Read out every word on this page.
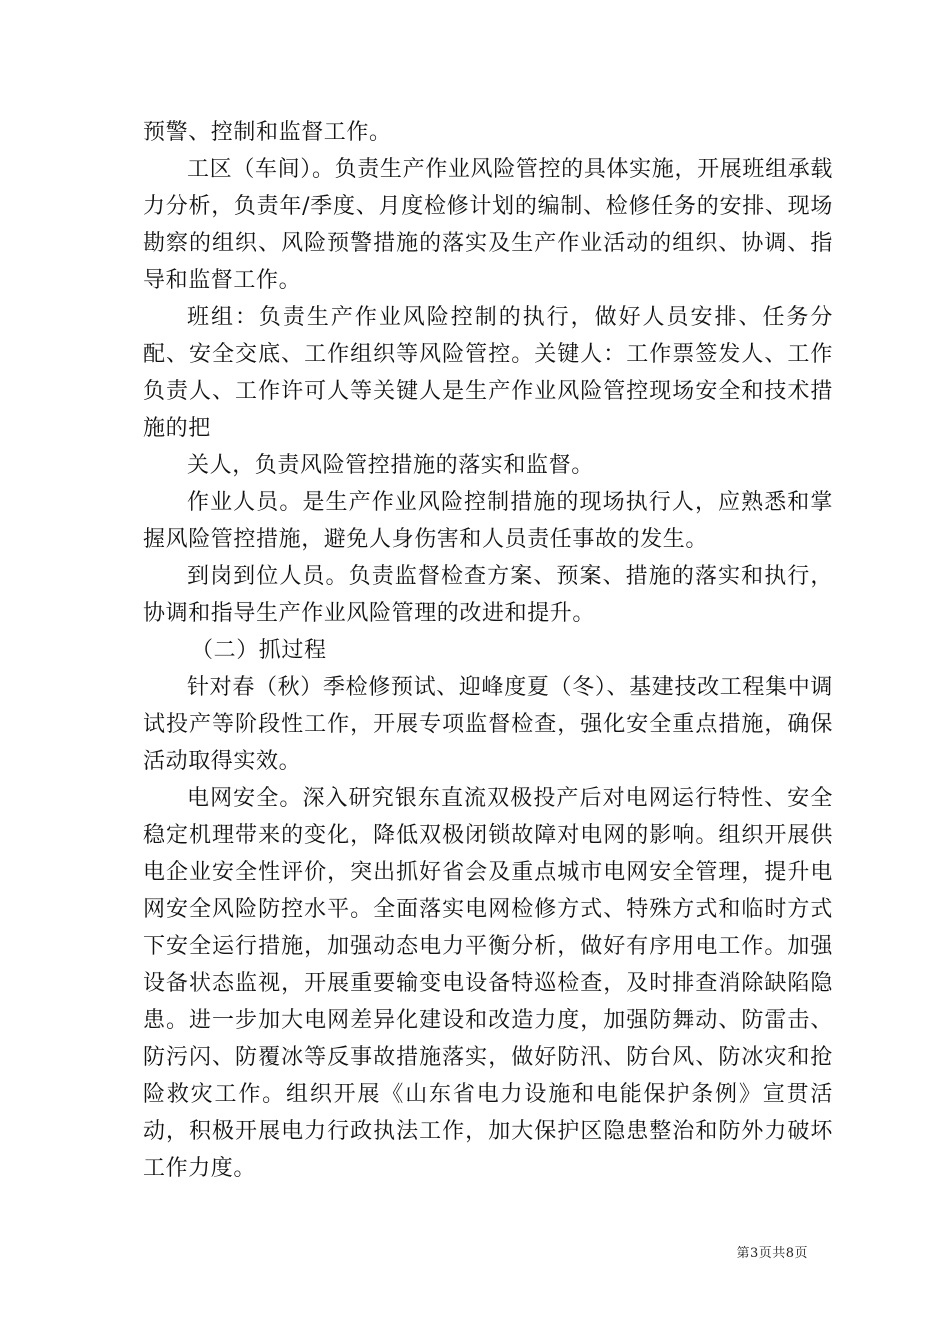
预警、控制和监督工作。

工区（车间）。负责生产作业风险管控的具体实施，开展班组承载力分析，负责年/季度、月度检修计划的编制、检修任务的安排、现场勘察的组织、风险预警措施的落实及生产作业活动的组织、协调、指导和监督工作。

班组：负责生产作业风险控制的执行，做好人员安排、任务分配、安全交底、工作组织等风险管控。关键人：工作票签发人、工作负责人、工作许可人等关键人是生产作业风险管控现场安全和技术措施的把

关人，负责风险管控措施的落实和监督。

作业人员。是生产作业风险控制措施的现场执行人，应熟悉和掌握风险管控措施，避免人身伤害和人员责任事故的发生。

到岗到位人员。负责监督检查方案、预案、措施的落实和执行，协调和指导生产作业风险管理的改进和提升。

（二）抓过程

针对春（秋）季检修预试、迎峰度夏（冬）、基建技改工程集中调试投产等阶段性工作，开展专项监督检查，强化安全重点措施，确保活动取得实效。

电网安全。深入研究银东直流双极投产后对电网运行特性、安全稳定机理带来的变化，降低双极闭锁故障对电网的影响。组织开展供电企业安全性评价，突出抓好省会及重点城市电网安全管理，提升电网安全风险防控水平。全面落实电网检修方式、特殊方式和临时方式下安全运行措施，加强动态电力平衡分析，做好有序用电工作。加强设备状态监视，开展重要输变电设备特巡检查，及时排查消除缺陷隐患。进一步加大电网差异化建设和改造力度，加强防舞动、防雷击、防污闪、防覆冰等反事故措施落实，做好防汛、防台风、防冰灾和抢险救灾工作。组织开展《山东省电力设施和电能保护条例》宣贯活动，积极开展电力行政执法工作，加大保护区隐患整治和防外力破坏工作力度。

第3页共8页
